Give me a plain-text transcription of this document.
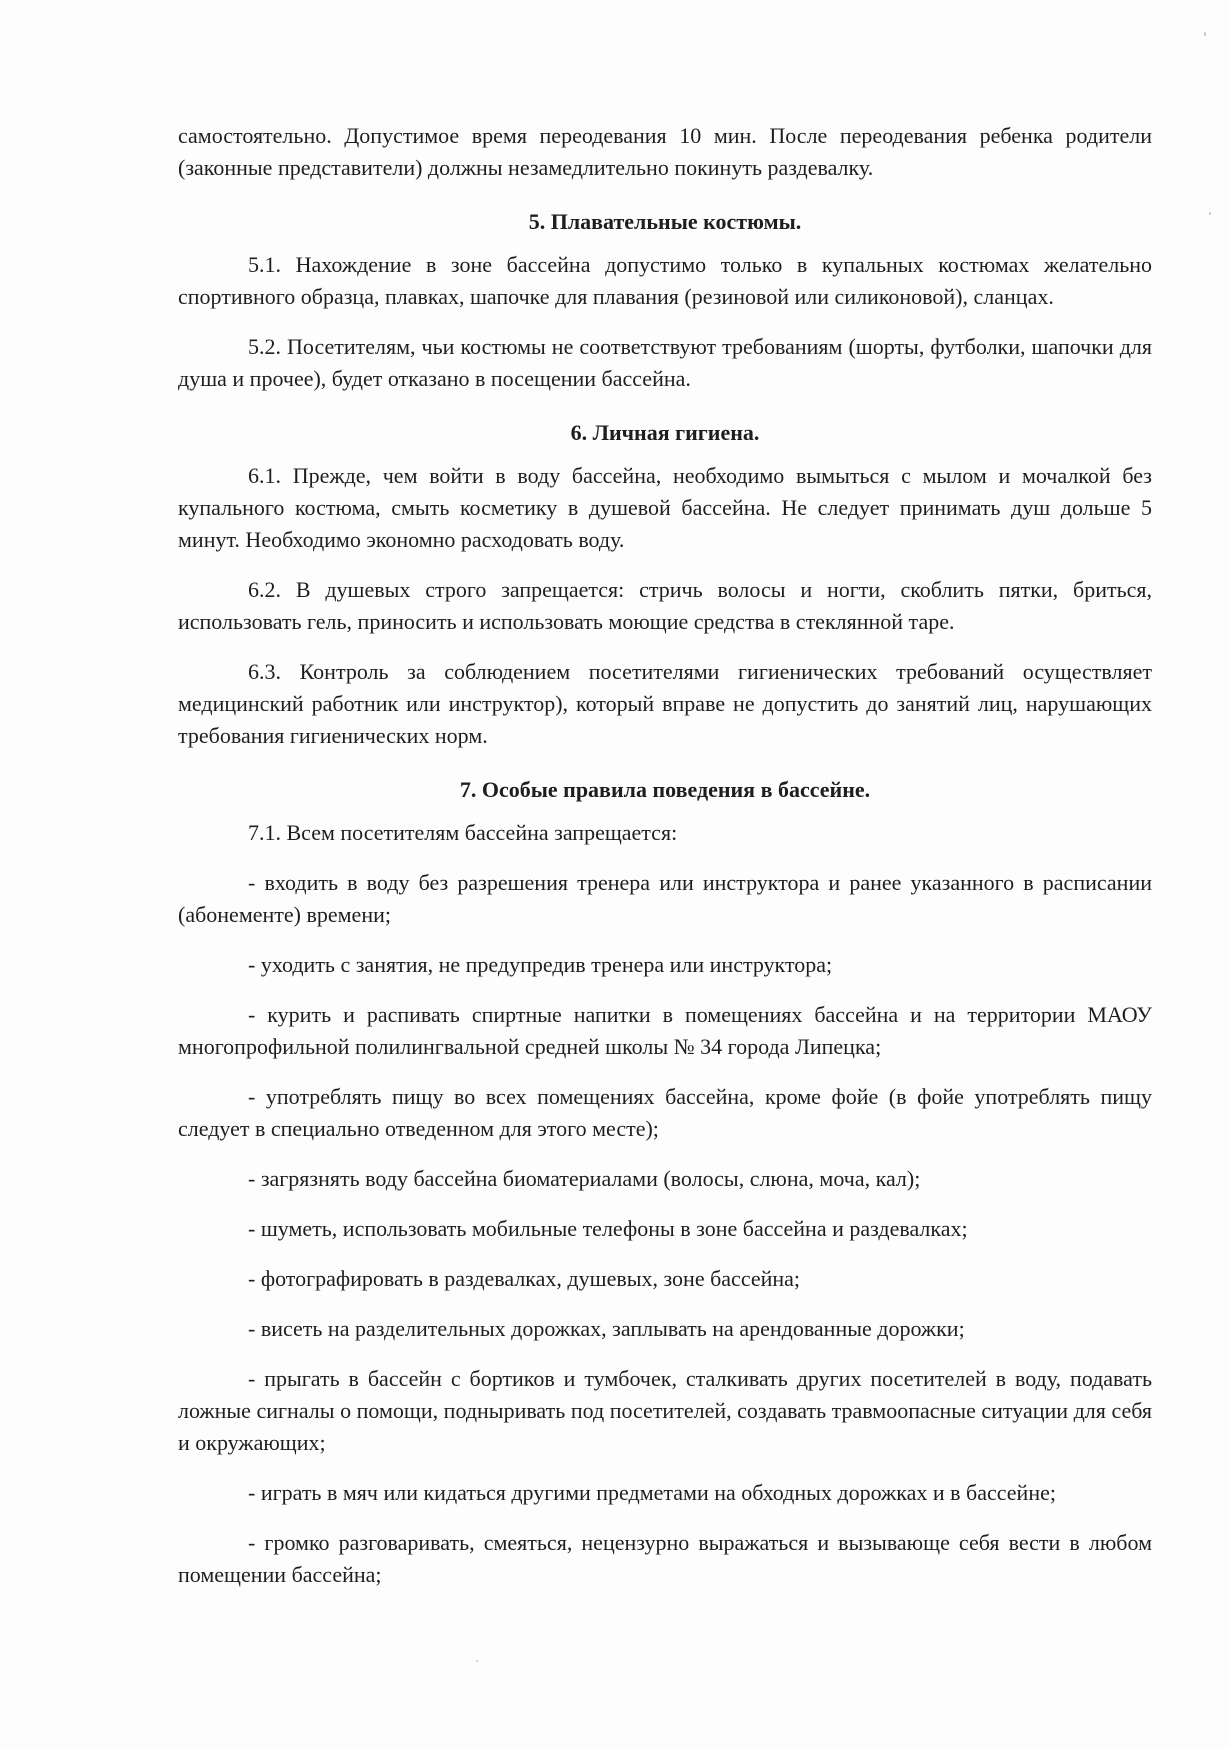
самостоятельно. Допустимое время переодевания 10 мин. После переодевания ребенка родители (законные представители) должны незамедлительно покинуть раздевалку.

5. Плавательные костюмы.

5.1. Нахождение в зоне бассейна допустимо только в купальных костюмах желательно спортивного образца, плавках, шапочке для плавания (резиновой или силиконовой), сланцах.

5.2. Посетителям, чьи костюмы не соответствуют требованиям (шорты, футболки, шапочки для душа и прочее), будет отказано в посещении бассейна.

6. Личная гигиена.

6.1. Прежде, чем войти в воду бассейна, необходимо вымыться с мылом и мочалкой без купального костюма, смыть косметику в душевой бассейна. Не следует принимать душ дольше 5 минут. Необходимо экономно расходовать воду.

6.2. В душевых строго запрещается: стричь волосы и ногти, скоблить пятки, бриться, использовать гель, приносить и использовать моющие средства в стеклянной таре.

6.3. Контроль за соблюдением посетителями гигиенических требований осуществляет медицинский работник или инструктор), который вправе не допустить до занятий лиц, нарушающих требования гигиенических норм.

7. Особые правила поведения в бассейне.

7.1. Всем посетителям бассейна запрещается:

- входить в воду без разрешения тренера или инструктора и ранее указанного в расписании (абонементе) времени;

- уходить с занятия, не предупредив тренера или инструктора;

- курить и распивать спиртные напитки в помещениях бассейна и на территории МАОУ многопрофильной полилингвальной средней школы № 34 города Липецка;

- употреблять пищу во всех помещениях бассейна, кроме фойе (в фойе употреблять пищу следует в специально отведенном для этого месте);

- загрязнять воду бассейна биоматериалами (волосы, слюна, моча, кал);

- шуметь, использовать мобильные телефоны в зоне бассейна и раздевалках;

- фотографировать в раздевалках, душевых, зоне бассейна;

- висеть на разделительных дорожках, заплывать на арендованные дорожки;

- прыгать в бассейн с бортиков и тумбочек, сталкивать других посетителей в воду, подавать ложные сигналы о помощи, подныривать под посетителей, создавать травмоопасные ситуации для себя и окружающих;

- играть в мяч или кидаться другими предметами на обходных дорожках и в бассейне;

- громко разговаривать, смеяться, нецензурно выражаться и вызывающе себя вести в любом помещении бассейна;
